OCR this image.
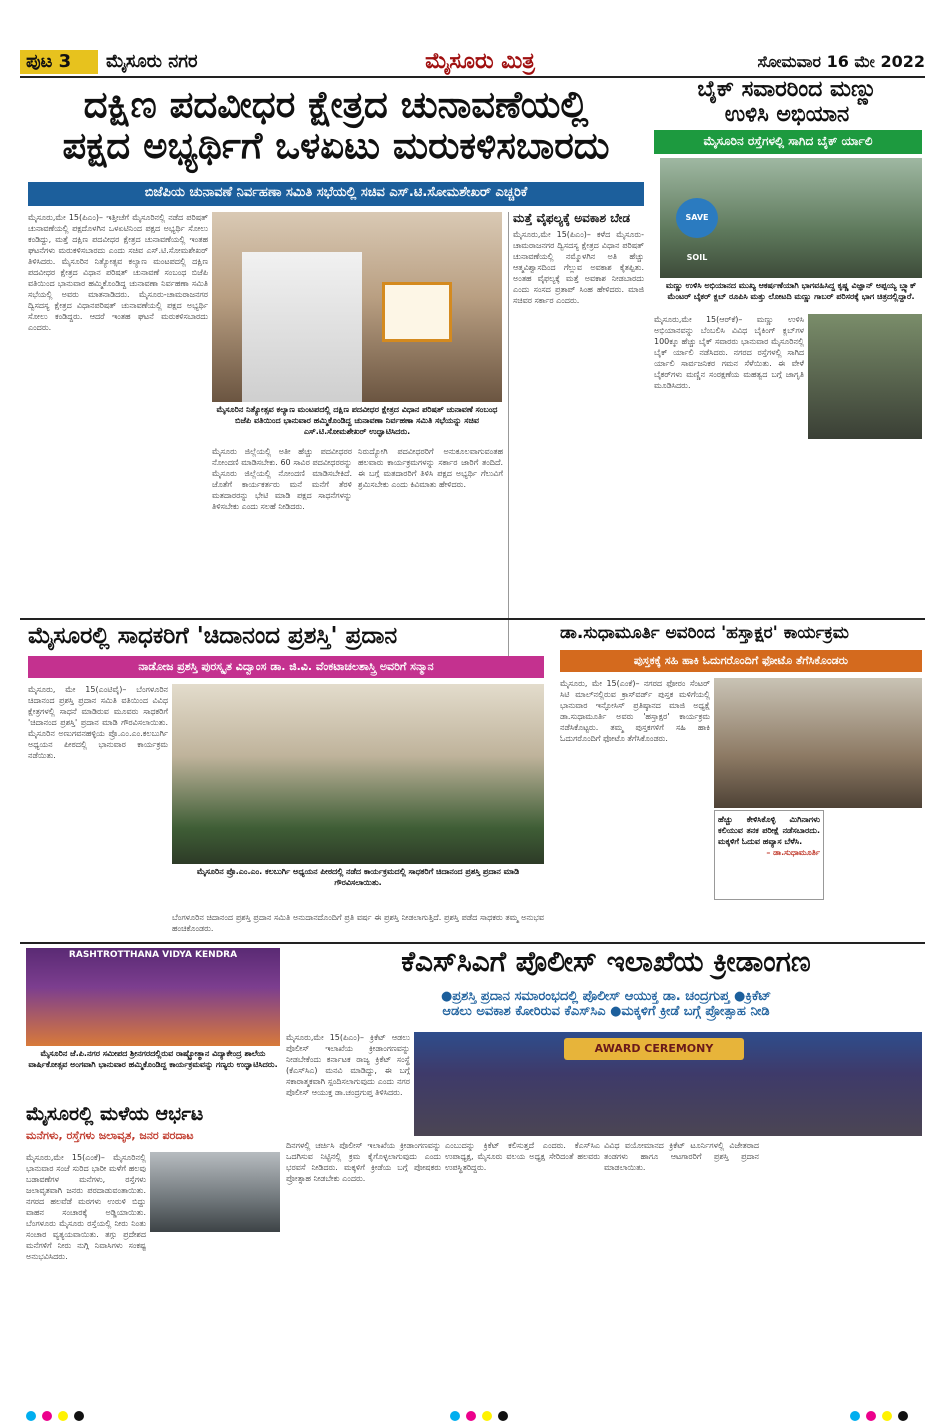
ಪುಟ 3	ಮೈಸೂರು ನಗರ	ಮೈಸೂರು ಮಿತ್ರ	ಸೋಮವಾರ 16 ಮೇ 2022
ದಕ್ಷಿಣ ಪದವೀಧರ ಕ್ಷೇತ್ರದ ಚುನಾವಣೆಯಲ್ಲಿ
ಪಕ್ಷದ ಅಭ್ಯರ್ಥಿಗೆ ಒಳಏಟು ಮರುಕಳಿಸಬಾರದು
ಬಿಜೆಪಿಯ ಚುನಾವಣೆ ನಿರ್ವಹಣಾ ಸಮಿತಿ ಸಭೆಯಲ್ಲಿ ಸಚಿವ ಎಸ್.ಟಿ.ಸೋಮಶೇಖರ್ ಎಚ್ಚರಿಕೆ
ಮೈಸೂರು,ಮೇ 15(ಪಿಎಂ)– ಇತ್ತೀಚೆಗೆ ಮೈಸೂರಿನಲ್ಲಿ ನಡೆದ ಪರಿಷತ್ ಚುನಾವಣೆಯಲ್ಲಿ ಪಕ್ಷದೊಳಗಿನ ಒಳಏಟಿನಿಂದ ಪಕ್ಷದ ಅಭ್ಯರ್ಥಿ ಸೋಲು ಕಂಡಿದ್ದು, ಮತ್ತೆ ದಕ್ಷಿಣ ಪದವೀಧರ ಕ್ಷೇತ್ರದ ಚುನಾವಣೆಯಲ್ಲಿ ಇಂತಹ ಘಟನೆಗಳು ಮರುಕಳಿಸಬಾರದು ಎಂದು ಸಚಿವ ಎಸ್.ಟಿ.ಸೋಮಶೇಖರ್ ತಿಳಿಸಿದರು. ಮೈಸೂರಿನ ನಿತ್ಯೋತ್ಸವ ಕಲ್ಯಾಣ ಮಂಟಪದಲ್ಲಿ ದಕ್ಷಿಣ ಪದವೀಧರ ಕ್ಷೇತ್ರದ ವಿಧಾನ ಪರಿಷತ್ ಚುನಾವಣೆ ಸಂಬಂಧ ಬಿಜೆಪಿ ವತಿಯಿಂದ ಭಾನುವಾರ ಹಮ್ಮಿಕೊಂಡಿದ್ದ ಚುನಾವಣಾ ನಿರ್ವಹಣಾ ಸಮಿತಿ ಸಭೆಯಲ್ಲಿ ಅವರು ಮಾತನಾಡಿದರು. ಮೈಸೂರು-ಚಾಮರಾಜನಗರ ದ್ವಿಸದಸ್ಯ ಕ್ಷೇತ್ರದ ವಿಧಾನಪರಿಷತ್ ಚುನಾವಣೆಯಲ್ಲಿ ಪಕ್ಷದ ಅಭ್ಯರ್ಥಿ ಸೋಲು ಕಂಡಿದ್ದರು. ಆದರೆ ಇಂತಹ ಘಟನೆ ಮರುಕಳಿಸಬಾರದು ಎಂದರು.
ಮೈಸೂರಿನ ನಿತ್ಯೋತ್ಸವ ಕಲ್ಯಾಣ ಮಂಟಪದಲ್ಲಿ ದಕ್ಷಿಣ ಪದವೀಧರ ಕ್ಷೇತ್ರದ ವಿಧಾನ ಪರಿಷತ್ ಚುನಾವಣೆ ಸಂಬಂಧ ಬಿಜೆಪಿ ವತಿಯಿಂದ ಭಾನುವಾರ ಹಮ್ಮಿಕೊಂಡಿದ್ದ ಚುನಾವಣಾ ನಿರ್ವಹಣಾ ಸಮಿತಿ ಸಭೆಯನ್ನು ಸಚಿವ ಎಸ್.ಟಿ.ಸೋಮಶೇಖರ್ ಉದ್ಘಾಟಿಸಿದರು.
ಮೈಸೂರು ಜಿಲ್ಲೆಯಲ್ಲಿ ಅತೀ ಹೆಚ್ಚು ಪದವೀಧರರ ನೋಂದಣಿ ಮಾಡಿಸಬೇಕು. 60 ಸಾವಿರ ಪದವೀಧರರನ್ನು ಮೈಸೂರು ಜಿಲ್ಲೆಯಲ್ಲಿ ನೋಂದಣಿ ಮಾಡಿಸಬೇಕಿದೆ. ಜೊತೆಗೆ ಕಾರ್ಯಕರ್ತರು ಮನೆ ಮನೆಗೆ ತೆರಳಿ ಮತದಾರರನ್ನು ಭೇಟಿ ಮಾಡಿ ಪಕ್ಷದ ಸಾಧನೆಗಳನ್ನು ತಿಳಿಸಬೇಕು ಎಂದು ಸಲಹೆ ನೀಡಿದರು.
ನಿರುದ್ಯೋಗಿ ಪದವೀಧರರಿಗೆ ಅನುಕೂಲವಾಗುವಂತಹ ಹಲವಾರು ಕಾರ್ಯಕ್ರಮಗಳನ್ನು ಸರ್ಕಾರ ಜಾರಿಗೆ ತಂದಿದೆ. ಈ ಬಗ್ಗೆ ಮತದಾರರಿಗೆ ತಿಳಿಸಿ ಪಕ್ಷದ ಅಭ್ಯರ್ಥಿ ಗೆಲುವಿಗೆ ಶ್ರಮಿಸಬೇಕು ಎಂದು ಕಿವಿಮಾತು ಹೇಳಿದರು.
ಮತ್ತೆ ವೈಫಲ್ಯಕ್ಕೆ ಅವಕಾಶ ಬೇಡ
ಮೈಸೂರು,ಮೇ 15(ಪಿಎಂ)– ಕಳೆದ ಮೈಸೂರು-ಚಾಮರಾಜನಗರ ದ್ವಿಸದಸ್ಯ ಕ್ಷೇತ್ರದ ವಿಧಾನ ಪರಿಷತ್ ಚುನಾವಣೆಯಲ್ಲಿ ನಮ್ಮೊಳಗಿನ ಅತಿ ಹೆಚ್ಚು ಆತ್ಮವಿಶ್ವಾಸದಿಂದ ಗೆಲ್ಲುವ ಅವಕಾಶ ಕೈತಪ್ಪಿತು. ಅಂತಹ ವೈಫಲ್ಯಕ್ಕೆ ಮತ್ತೆ ಅವಕಾಶ ನೀಡಬಾರದು ಎಂದು ಸಂಸದ ಪ್ರತಾಪ್ ಸಿಂಹ ಹೇಳಿದರು. ಮಾಜಿ ಸಚಿವರ ಸರ್ಕಾರ ಎಂದರು.
ಬೈಕ್ ಸವಾರರಿಂದ ಮಣ್ಣು
ಉಳಿಸಿ ಅಭಿಯಾನ
ಮೈಸೂರಿನ ರಸ್ತೆಗಳಲ್ಲಿ ಸಾಗಿದ ಬೈಕ್ ರ್ಯಾಲಿ
SAVE SOIL
ಮಣ್ಣು ಉಳಿಸಿ ಅಭಿಯಾನದ ಮುಖ್ಯ ಆಕರ್ಷಣೆಯಾಗಿ ಭಾಗವಹಿಸಿದ್ದ ಕೃಷ್ಣ ವಿಜ್ಞಾನ್ ಅಪ್ಪಯ್ಯ ಬ್ಲ್ಯಾಕ್ ಮೆಂಟರ್ ಬೈಕರ್ ಕ್ಲಬ್ ರೂಪಿಸಿ ಮತ್ತು ಲೋಟದಿ ಮಣ್ಣು ಗಾಬರ್ ಪರಿಸರಕ್ಕೆ ಭಾಗ ಚಿತ್ರದಲ್ಲಿದ್ದಾರೆ.
ಮೈಸೂರು,ಮೇ 15(ಆರ್‌ಕೆ)– ಮಣ್ಣು ಉಳಿಸಿ ಅಭಿಯಾನವನ್ನು ಬೆಂಬಲಿಸಿ ವಿವಿಧ ಬೈಕಿಂಗ್ ಕ್ಲಬ್‌ಗಳ 100ಕ್ಕೂ ಹೆಚ್ಚು ಬೈಕ್ ಸವಾರರು ಭಾನುವಾರ ಮೈಸೂರಿನಲ್ಲಿ ಬೈಕ್ ರ್ಯಾಲಿ ನಡೆಸಿದರು. ನಗರದ ರಸ್ತೆಗಳಲ್ಲಿ ಸಾಗಿದ ರ್ಯಾಲಿ ಸಾರ್ವಜನಿಕರ ಗಮನ ಸೆಳೆಯಿತು. ಈ ವೇಳೆ ಬೈಕರ್‌ಗಳು ಮಣ್ಣಿನ ಸಂರಕ್ಷಣೆಯ ಮಹತ್ವದ ಬಗ್ಗೆ ಜಾಗೃತಿ ಮೂಡಿಸಿದರು.
ಮೈಸೂರಲ್ಲಿ ಸಾಧಕರಿಗೆ 'ಚಿದಾನಂದ ಪ್ರಶಸ್ತಿ' ಪ್ರದಾನ
ನಾಡೋಜ ಪ್ರಶಸ್ತಿ ಪುರಸ್ಕೃತ ವಿದ್ವಾಂಸ ಡಾ. ಜಿ.ವಿ. ವೆಂಕಟಾಚಲಶಾಸ್ತ್ರಿ ಅವರಿಗೆ ಸನ್ಮಾನ
ಮೈಸೂರು, ಮೇ 15(ಎಂಟಿವೈ)– ಬೆಂಗಳೂರಿನ ಚಿದಾನಂದ ಪ್ರಶಸ್ತಿ ಪ್ರದಾನ ಸಮಿತಿ ವತಿಯಿಂದ ವಿವಿಧ ಕ್ಷೇತ್ರಗಳಲ್ಲಿ ಸಾಧನೆ ಮಾಡಿರುವ ಮೂವರು ಸಾಧಕರಿಗೆ 'ಚಿದಾನಂದ ಪ್ರಶಸ್ತಿ' ಪ್ರದಾನ ಮಾಡಿ ಗೌರವಿಸಲಾಯಿತು. ಮೈಸೂರಿನ ಅಣುಗವನಹಳ್ಳಿಯ ಪ್ರೊ.ಎಂ.ಎಂ.ಕಲಬುರ್ಗಿ ಅಧ್ಯಯನ ಪೀಠದಲ್ಲಿ ಭಾನುವಾರ ಕಾರ್ಯಕ್ರಮ ನಡೆಯಿತು.
ಮೈಸೂರಿನ ಪ್ರೊ.ಎಂ.ಎಂ. ಕಲಬುರ್ಗಿ ಅಧ್ಯಯನ ಪೀಠದಲ್ಲಿ ನಡೆದ ಕಾರ್ಯಕ್ರಮದಲ್ಲಿ ಸಾಧಕರಿಗೆ ಚಿದಾನಂದ ಪ್ರಶಸ್ತಿ ಪ್ರದಾನ ಮಾಡಿ ಗೌರವಿಸಲಾಯಿತು.
ಬೆಂಗಳೂರಿನ ಚಿದಾನಂದ ಪ್ರಶಸ್ತಿ ಪ್ರದಾನ ಸಮಿತಿ ಅನುದಾನದೊಂದಿಗೆ ಪ್ರತಿ ವರ್ಷ ಈ ಪ್ರಶಸ್ತಿ ನೀಡಲಾಗುತ್ತಿದೆ. ಪ್ರಶಸ್ತಿ ಪಡೆದ ಸಾಧಕರು ತಮ್ಮ ಅನುಭವ ಹಂಚಿಕೊಂಡರು.
ಡಾ.ಸುಧಾಮೂರ್ತಿ ಅವರಿಂದ 'ಹಸ್ತಾಕ್ಷರ' ಕಾರ್ಯಕ್ರಮ
ಪುಸ್ತಕಕ್ಕೆ ಸಹಿ ಹಾಕಿ ಓದುಗರೊಂದಿಗೆ ಫೋಟೊ ತೆಗೆಸಿಕೊಂಡರು
ಮೈಸೂರು, ಮೇ 15(ಎಂಕೆ)– ನಗರದ ಫೋರಂ ಸೆಂಟರ್ ಸಿಟಿ ಮಾಲ್‌ನಲ್ಲಿರುವ ಕ್ರಾಸ್‌ವರ್ಡ್ ಪುಸ್ತಕ ಮಳಿಗೆಯಲ್ಲಿ ಭಾನುವಾರ ಇನ್ಫೋಸಿಸ್ ಪ್ರತಿಷ್ಠಾನದ ಮಾಜಿ ಅಧ್ಯಕ್ಷೆ ಡಾ.ಸುಧಾಮೂರ್ತಿ ಅವರು 'ಹಸ್ತಾಕ್ಷರ' ಕಾರ್ಯಕ್ರಮ ನಡೆಸಿಕೊಟ್ಟರು. ತಮ್ಮ ಪುಸ್ತಕಗಳಿಗೆ ಸಹಿ ಹಾಕಿ ಓದುಗರೊಂದಿಗೆ ಫೋಟೊ ತೆಗೆಸಿಕೊಂಡರು.
ಹೆಚ್ಚು ಕೇಳಿಸಿಕೊಳ್ಳಿ ಮಿಗಿನಾಗಳು ಕಲಿಯುವ ತನಕ ಪರೀಕ್ಷೆ ನಡೆಸಬಾರದು. ಮಕ್ಕಳಿಗೆ ಓದುವ ಹವ್ಯಾಸ ಬೆಳೆಸಿ.
– ಡಾ.ಸುಧಾಮೂರ್ತಿ
RASHTROTTHANA VIDYA KENDRA
ಮೈಸೂರಿನ ಜೆ.ಪಿ.ನಗರ ಸಮೀಪದ ಶ್ರೀನಗರದಲ್ಲಿರುವ ರಾಷ್ಟ್ರೋತ್ಥಾನ ವಿದ್ಯಾಕೇಂದ್ರ ಶಾಲೆಯ ವಾರ್ಷಿಕೋತ್ಸವ ಅಂಗವಾಗಿ ಭಾನುವಾರ ಹಮ್ಮಿಕೊಂಡಿದ್ದ ಕಾರ್ಯಕ್ರಮವನ್ನು ಗಣ್ಯರು ಉದ್ಘಾಟಿಸಿದರು.
ಮೈಸೂರಲ್ಲಿ ಮಳೆಯ ಆರ್ಭಟ
ಮನೆಗಳು, ರಸ್ತೆಗಳು ಜಲಾವೃತ, ಜನರ ಪರದಾಟ
ಮೈಸೂರು,ಮೇ 15(ಎಂಕೆ)– ಮೈಸೂರಿನಲ್ಲಿ ಭಾನುವಾರ ಸಂಜೆ ಸುರಿದ ಭಾರೀ ಮಳೆಗೆ ಹಲವು ಬಡಾವಣೆಗಳ ಮನೆಗಳು, ರಸ್ತೆಗಳು ಜಲಾವೃತವಾಗಿ ಜನರು ಪರದಾಡುವಂತಾಯಿತು. ನಗರದ ಹಲವೆಡೆ ಮರಗಳು ಉರುಳಿ ಬಿದ್ದು ವಾಹನ ಸಂಚಾರಕ್ಕೆ ಅಡ್ಡಿಯಾಯಿತು. ಬೆಂಗಳೂರು ಮೈಸೂರು ರಸ್ತೆಯಲ್ಲಿ ನೀರು ನಿಂತು ಸಂಚಾರ ವ್ಯತ್ಯಯವಾಯಿತು. ತಗ್ಗು ಪ್ರದೇಶದ ಮನೆಗಳಿಗೆ ನೀರು ನುಗ್ಗಿ ನಿವಾಸಿಗಳು ಸಂಕಷ್ಟ ಅನುಭವಿಸಿದರು.
ಕೆಎಸ್‌ಸಿಎಗೆ ಪೊಲೀಸ್ ಇಲಾಖೆಯ ಕ್ರೀಡಾಂಗಣ
●ಪ್ರಶಸ್ತಿ ಪ್ರದಾನ ಸಮಾರಂಭದಲ್ಲಿ ಪೊಲೀಸ್ ಆಯುಕ್ತ ಡಾ. ಚಂದ್ರಗುಪ್ತ ●ಕ್ರಿಕೆಟ್
ಆಡಲು ಅವಕಾಶ ಕೋರಿರುವ ಕೆಎಸ್‌ಸಿಎ ●ಮಕ್ಕಳಿಗೆ ಕ್ರೀಡೆ ಬಗ್ಗೆ ಪ್ರೋತ್ಸಾಹ ನೀಡಿ
ಮೈಸೂರು,ಮೇ 15(ಪಿಎಂ)– ಕ್ರಿಕೆಟ್ ಆಡಲು ಪೊಲೀಸ್ ಇಲಾಖೆಯ ಕ್ರೀಡಾಂಗಣವನ್ನು ನೀಡಬೇಕೆಂದು ಕರ್ನಾಟಕ ರಾಜ್ಯ ಕ್ರಿಕೆಟ್ ಸಂಸ್ಥೆ (ಕೆಎಸ್‌ಸಿಎ) ಮನವಿ ಮಾಡಿದ್ದು, ಈ ಬಗ್ಗೆ ಸಕಾರಾತ್ಮಕವಾಗಿ ಸ್ಪಂದಿಸಲಾಗುವುದು ಎಂದು ನಗರ ಪೊಲೀಸ್ ಆಯುಕ್ತ ಡಾ.ಚಂದ್ರಗುಪ್ತ ತಿಳಿಸಿದರು.
AWARD CEREMONY
ದಿನಗಳಲ್ಲಿ ಚರ್ಚಿಸಿ ಪೊಲೀಸ್ ಇಲಾಖೆಯ ಕ್ರೀಡಾಂಗಣವನ್ನು ಒದಗಿಸುವ ನಿಟ್ಟಿನಲ್ಲಿ ಕ್ರಮ ಕೈಗೊಳ್ಳಲಾಗುವುದು ಎಂದು ಭರವಸೆ ನೀಡಿದರು. ಮಕ್ಕಳಿಗೆ ಕ್ರೀಡೆಯ ಬಗ್ಗೆ ಪೋಷಕರು ಪ್ರೋತ್ಸಾಹ ನೀಡಬೇಕು ಎಂದರು.
ಎಂಬುದನ್ನು ಕ್ರಿಕೆಟ್ ಕಲಿಸುತ್ತದೆ ಎಂದರು. ಕೆಎಸ್‌ಸಿಎ ಉಪಾಧ್ಯಕ್ಷ, ಮೈಸೂರು ವಲಯ ಅಧ್ಯಕ್ಷ ಸೇರಿದಂತೆ ಹಲವರು ಉಪಸ್ಥಿತರಿದ್ದರು.
ವಿವಿಧ ವಯೋಮಾನದ ಕ್ರಿಕೆಟ್ ಟೂರ್ನಿಗಳಲ್ಲಿ ವಿಜೇತರಾದ ತಂಡಗಳು ಹಾಗೂ ಆಟಗಾರರಿಗೆ ಪ್ರಶಸ್ತಿ ಪ್ರದಾನ ಮಾಡಲಾಯಿತು.
